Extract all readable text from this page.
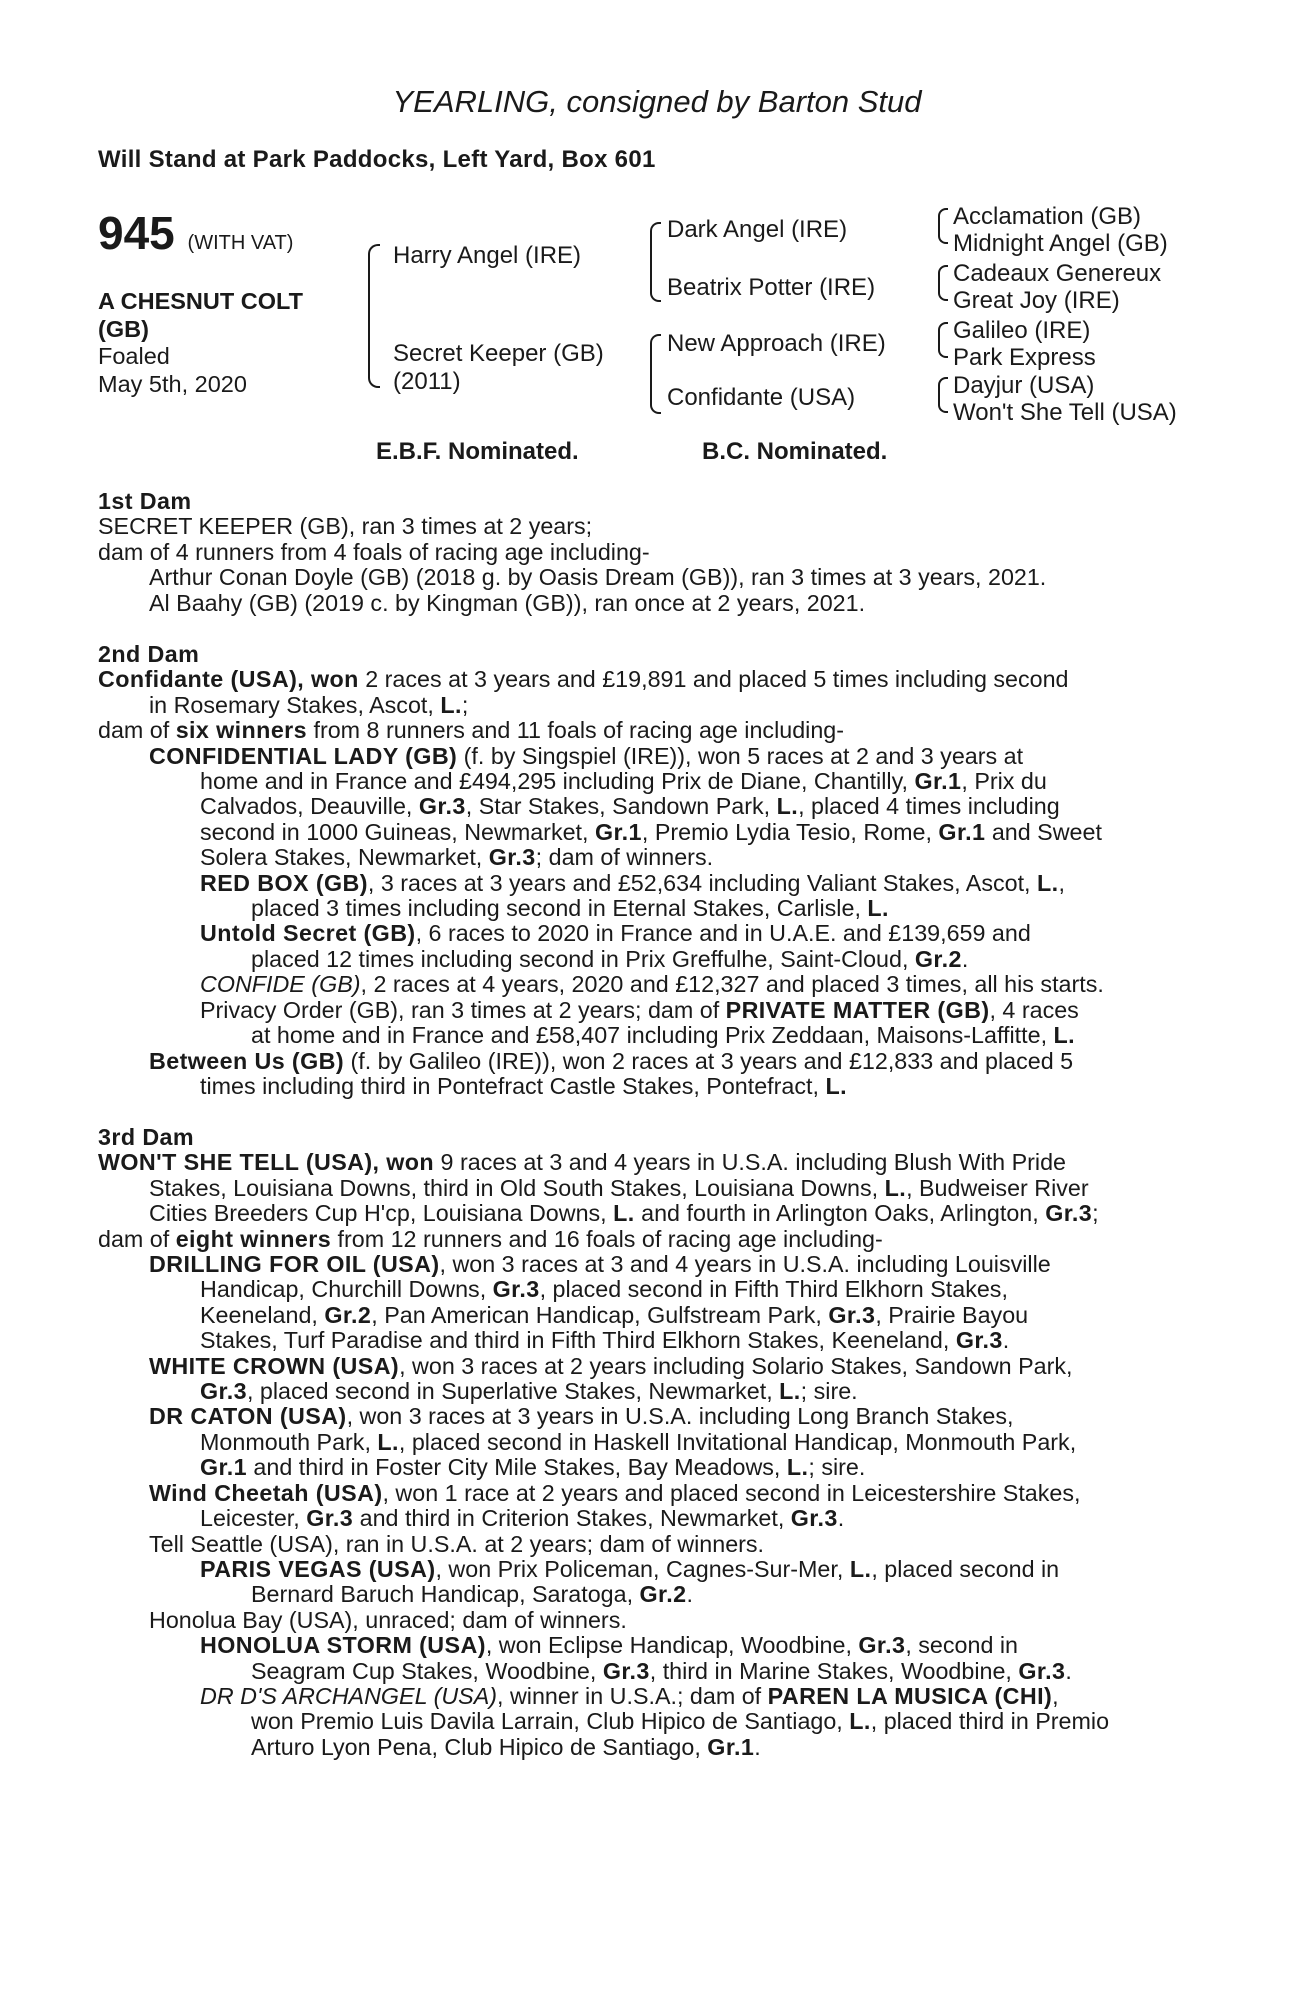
YEARLING, consigned by Barton Stud
Will Stand at Park Paddocks, Left Yard, Box 601
945 (WITH VAT)
A CHESNUT COLT
(GB)
Foaled
May 5th, 2020
Harry Angel (IRE)
Secret Keeper (GB)
(2011)
Dark Angel (IRE)
Beatrix Potter (IRE)
New Approach (IRE)
Confidante (USA)
Acclamation (GB)
Midnight Angel (GB)
Cadeaux Genereux
Great Joy (IRE)
Galileo (IRE)
Park Express
Dayjur (USA)
Won't She Tell (USA)
E.B.F. Nominated.	B.C. Nominated.
1st Dam
SECRET KEEPER (GB), ran 3 times at 2 years;
dam of 4 runners from 4 foals of racing age including-
Arthur Conan Doyle (GB) (2018 g. by Oasis Dream (GB)), ran 3 times at 3 years, 2021.
Al Baahy (GB) (2019 c. by Kingman (GB)), ran once at 2 years, 2021.
2nd Dam
Confidante (USA), won 2 races at 3 years and £19,891 and placed 5 times including second
in Rosemary Stakes, Ascot, L.;
dam of six winners from 8 runners and 11 foals of racing age including-
CONFIDENTIAL LADY (GB) (f. by Singspiel (IRE)), won 5 races at 2 and 3 years at
home and in France and £494,295 including Prix de Diane, Chantilly, Gr.1, Prix du
Calvados, Deauville, Gr.3, Star Stakes, Sandown Park, L., placed 4 times including
second in 1000 Guineas, Newmarket, Gr.1, Premio Lydia Tesio, Rome, Gr.1 and Sweet
Solera Stakes, Newmarket, Gr.3; dam of winners.
RED BOX (GB), 3 races at 3 years and £52,634 including Valiant Stakes, Ascot, L.,
placed 3 times including second in Eternal Stakes, Carlisle, L.
Untold Secret (GB), 6 races to 2020 in France and in U.A.E. and £139,659 and
placed 12 times including second in Prix Greffulhe, Saint-Cloud, Gr.2.
CONFIDE (GB), 2 races at 4 years, 2020 and £12,327 and placed 3 times, all his starts.
Privacy Order (GB), ran 3 times at 2 years; dam of PRIVATE MATTER (GB), 4 races
at home and in France and £58,407 including Prix Zeddaan, Maisons-Laffitte, L.
Between Us (GB) (f. by Galileo (IRE)), won 2 races at 3 years and £12,833 and placed 5
times including third in Pontefract Castle Stakes, Pontefract, L.
3rd Dam
WON'T SHE TELL (USA), won 9 races at 3 and 4 years in U.S.A. including Blush With Pride
Stakes, Louisiana Downs, third in Old South Stakes, Louisiana Downs, L., Budweiser River
Cities Breeders Cup H'cp, Louisiana Downs, L. and fourth in Arlington Oaks, Arlington, Gr.3;
dam of eight winners from 12 runners and 16 foals of racing age including-
DRILLING FOR OIL (USA), won 3 races at 3 and 4 years in U.S.A. including Louisville
Handicap, Churchill Downs, Gr.3, placed second in Fifth Third Elkhorn Stakes,
Keeneland, Gr.2, Pan American Handicap, Gulfstream Park, Gr.3, Prairie Bayou
Stakes, Turf Paradise and third in Fifth Third Elkhorn Stakes, Keeneland, Gr.3.
WHITE CROWN (USA), won 3 races at 2 years including Solario Stakes, Sandown Park,
Gr.3, placed second in Superlative Stakes, Newmarket, L.; sire.
DR CATON (USA), won 3 races at 3 years in U.S.A. including Long Branch Stakes,
Monmouth Park, L., placed second in Haskell Invitational Handicap, Monmouth Park,
Gr.1 and third in Foster City Mile Stakes, Bay Meadows, L.; sire.
Wind Cheetah (USA), won 1 race at 2 years and placed second in Leicestershire Stakes,
Leicester, Gr.3 and third in Criterion Stakes, Newmarket, Gr.3.
Tell Seattle (USA), ran in U.S.A. at 2 years; dam of winners.
PARIS VEGAS (USA), won Prix Policeman, Cagnes-Sur-Mer, L., placed second in
Bernard Baruch Handicap, Saratoga, Gr.2.
Honolua Bay (USA), unraced; dam of winners.
HONOLUA STORM (USA), won Eclipse Handicap, Woodbine, Gr.3, second in
Seagram Cup Stakes, Woodbine, Gr.3, third in Marine Stakes, Woodbine, Gr.3.
DR D'S ARCHANGEL (USA), winner in U.S.A.; dam of PAREN LA MUSICA (CHI),
won Premio Luis Davila Larrain, Club Hipico de Santiago, L., placed third in Premio
Arturo Lyon Pena, Club Hipico de Santiago, Gr.1.
